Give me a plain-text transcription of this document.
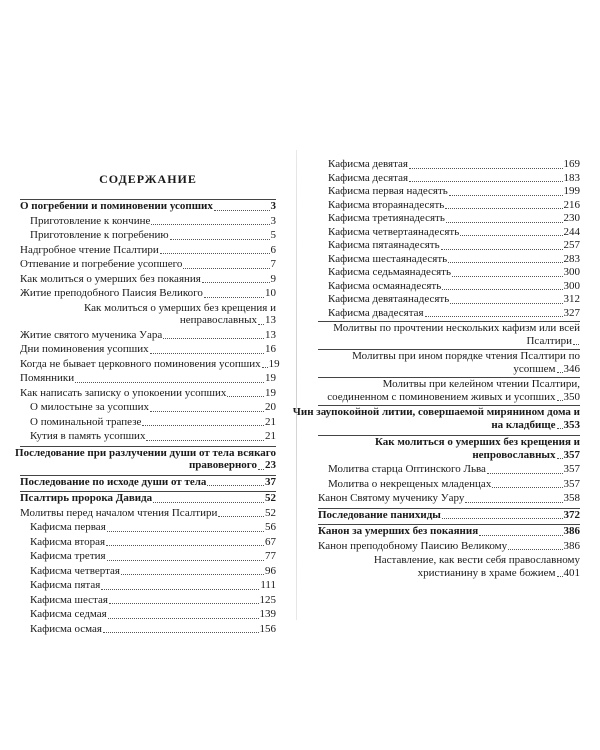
СОДЕРЖАНИЕ
О погребении и поминовении усопших	3
Приготовление к кончине	3
Приготовление к погребению	5
Надгробное чтение Псалтири	6
Отпевание и погребение усопшего	7
Как молиться о умерших без покаяния	9
Житие преподобного Паисия Великого	10
Как молиться о умерших без крещения и
неправославных 13
Житие святого мученика Уара	13
Дни поминовения усопших	16
Когда не бывает церковного поминовения усопших 19
Помянники	19
Как написать записку о упокоении усопших	19
О милостыне за усопших	20
О поминальной трапезе	21
Кутия в память усопших	21
Последование при разлучении души от тела всякаго
правоверного 23
Последование по исходе души от тела	37
Псалтирь пророка Давида	52
Молитвы перед началом чтения Псалтири	52
Кафисма первая	56
Кафисма вторая	67
Кафисма третия	77
Кафисма четвертая	96
Кафисма пятая	111
Кафисма шестая	125
Кафисма седмая	139
Кафисма осмая	156
Кафисма девятая	169
Кафисма десятая	183
Кафисма первая надесять	199
Кафисма втораянадесять	216
Кафисма третиянадесять	230
Кафисма четвертаянадесять	244
Кафисма пятаянадесять	257
Кафисма шестаянадесять	283
Кафисма седьмаянадесять	300
Кафисма осмаянадесять	300
Кафисма девятаянадесять	312
Кафисма двадесятая	327
Молитвы по прочтении нескольких кафизм или всей
Псалтири
Молитвы при ином порядке чтения Псалтири по
усопшем 346
Молитвы при келейном чтении Псалтири,
соединенном с поминовением живых и усопших 350
Чин заупокойной литии, совершаемой мирянином дома и
на кладбище 353
Как молиться о умерших без крещения и
непровославных 357
Молитва старца Оптинского Льва	357
Молитва о некрещеных младенцах	357
Канон Святому мученику Уару	358
Последование панихиды	372
Канон за умерших без покаяния	386
Канон преподобному Паисию Великому	386
Наставление, как вести себя православному
христианину в храме божием 401
